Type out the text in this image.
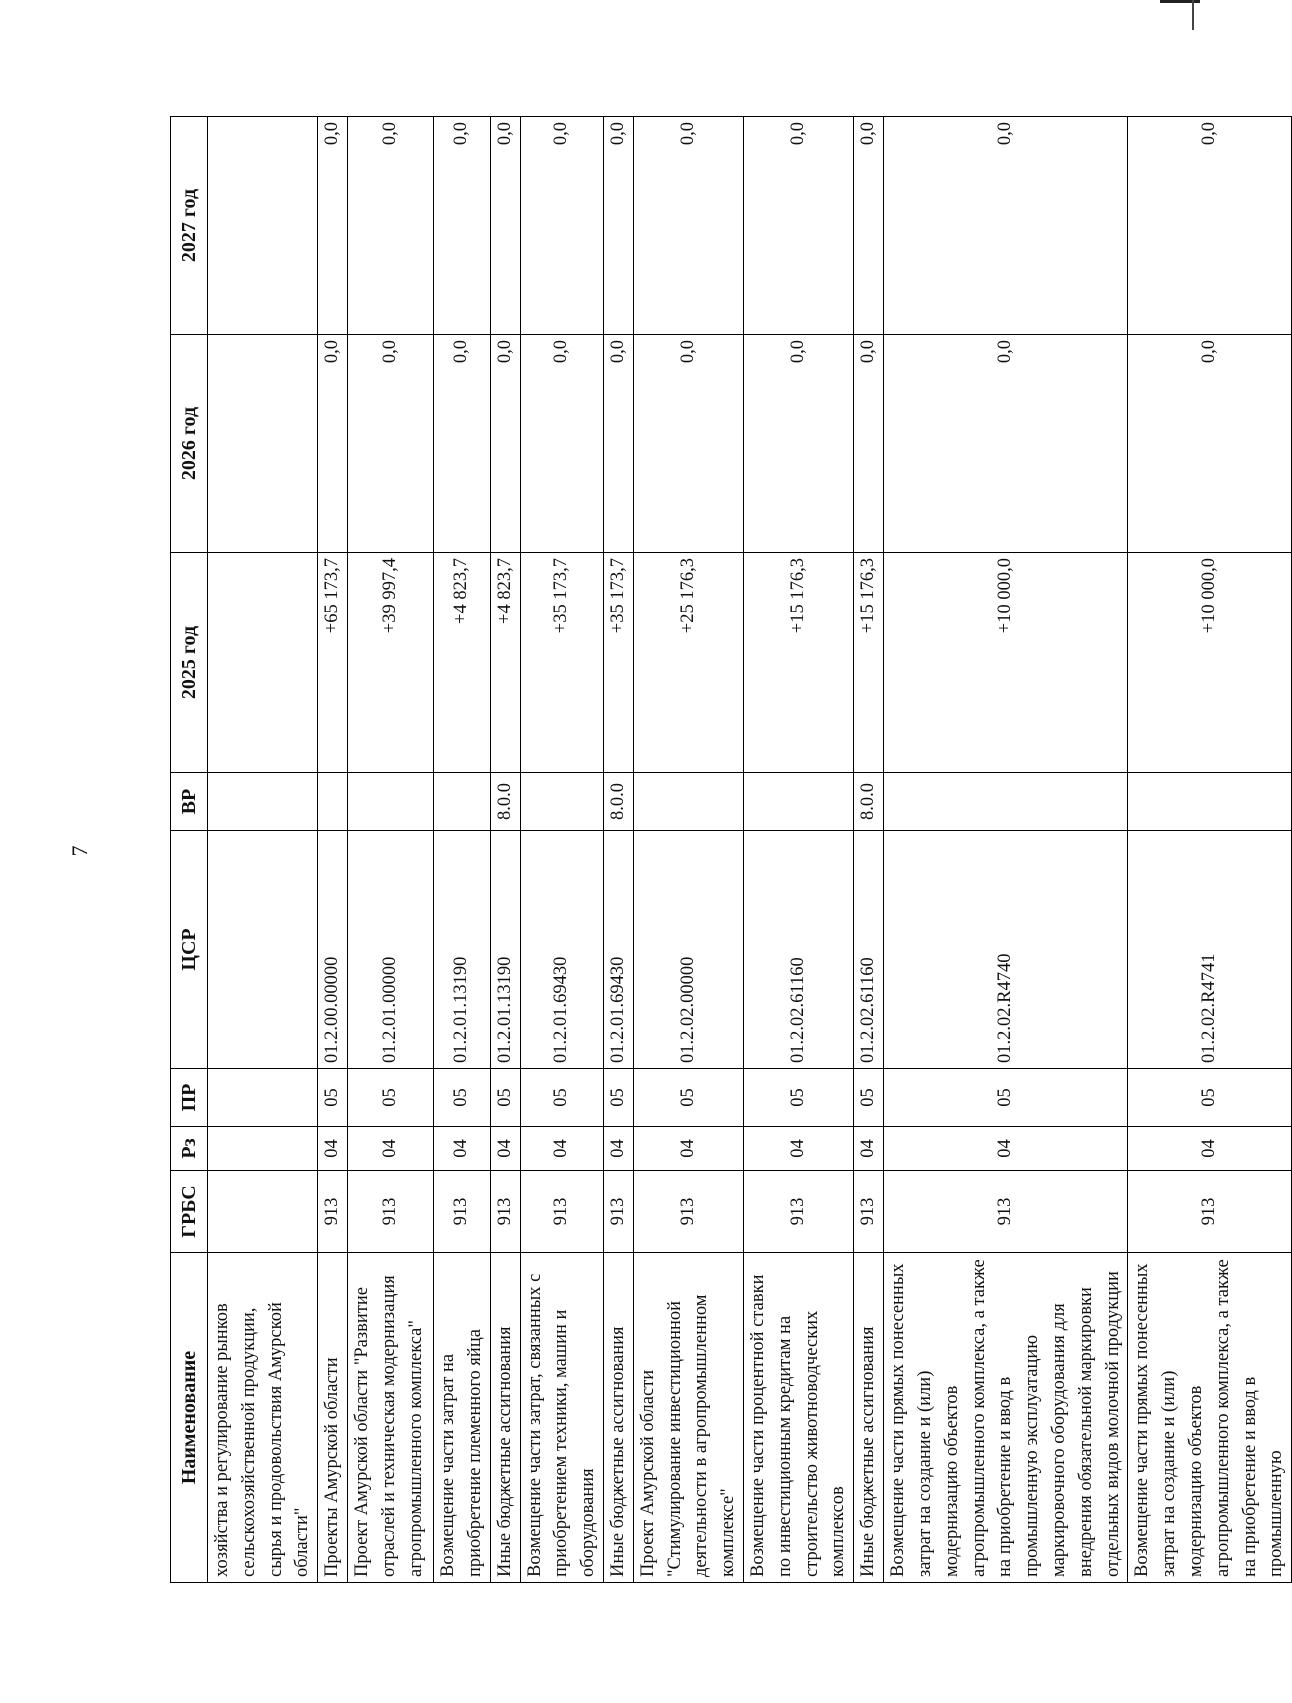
7
Наименование	ГРБС	Рз	ПР	ЦСР	ВР	2025 год	2026 год	2027 год
хозяйства и регулирование рынков сельскохозяйственной продукции, сырья и продовольствия Амурской области"								
Проекты Амурской области	913	04	05	01.2.00.00000		+65 173,7	0,0	0,0
Проект Амурской области "Развитие отраслей и техническая модернизация агропромышленного комплекса"	913	04	05	01.2.01.00000		+39 997,4	0,0	0,0
Возмещение части затрат на приобретение племенного яйца	913	04	05	01.2.01.13190		+4 823,7	0,0	0,0
Иные бюджетные ассигнования	913	04	05	01.2.01.13190	8.0.0	+4 823,7	0,0	0,0
Возмещение части затрат, связанных с приобретением техники, машин и оборудования	913	04	05	01.2.01.69430		+35 173,7	0,0	0,0
Иные бюджетные ассигнования	913	04	05	01.2.01.69430	8.0.0	+35 173,7	0,0	0,0
Проект Амурской области "Стимулирование инвестиционной деятельности в агропромышленном комплексе"	913	04	05	01.2.02.00000		+25 176,3	0,0	0,0
Возмещение части процентной ставки по инвестиционным кредитам на строительство животноводческих комплексов	913	04	05	01.2.02.61160		+15 176,3	0,0	0,0
Иные бюджетные ассигнования	913	04	05	01.2.02.61160	8.0.0	+15 176,3	0,0	0,0
Возмещение части прямых понесенных затрат на создание и (или) модернизацию объектов агропромышленного комплекса, а также на приобретение и ввод в промышленную эксплуатацию маркировочного оборудования для внедрения обязательной маркировки отдельных видов молочной продукции	913	04	05	01.2.02.R4740		+10 000,0	0,0	0,0
Возмещение части прямых понесенных затрат на создание и (или) модернизацию объектов агропромышленного комплекса, а также на приобретение и ввод в промышленную	913	04	05	01.2.02.R4741		+10 000,0	0,0	0,0
